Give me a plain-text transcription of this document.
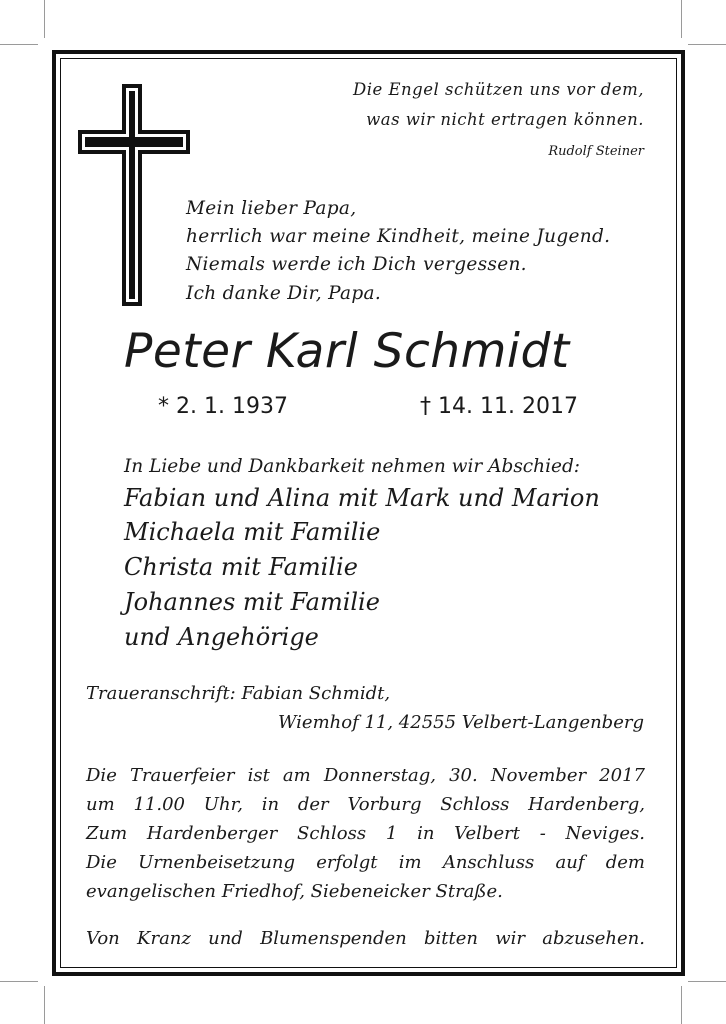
Die Engel schützen uns vor dem,

was wir nicht ertragen können.

Rudolf Steiner

Mein lieber Papa,

herrlich war meine Kindheit, meine Jugend.

Niemals werde ich Dich vergessen.

Ich danke Dir, Papa.

Peter Karl Schmidt

* 2. 1. 1937	† 14. 11. 2017

In Liebe und Dankbarkeit nehmen wir Abschied:

Fabian und Alina mit Mark und Marion

Michaela mit Familie

Christa mit Familie

Johannes mit Familie

und Angehörige

Traueranschrift: Fabian Schmidt,

Wiemhof 11, 42555 Velbert-Langenberg

Die Trauerfeier ist am Donnerstag, 30. November 2017

um 11.00 Uhr, in der Vorburg Schloss Hardenberg,

Zum Hardenberger Schloss 1 in Velbert - Neviges.

Die Urnenbeisetzung erfolgt im Anschluss auf dem

evangelischen Friedhof, Siebeneicker Straße.

Von Kranz und Blumenspenden bitten wir abzusehen.
